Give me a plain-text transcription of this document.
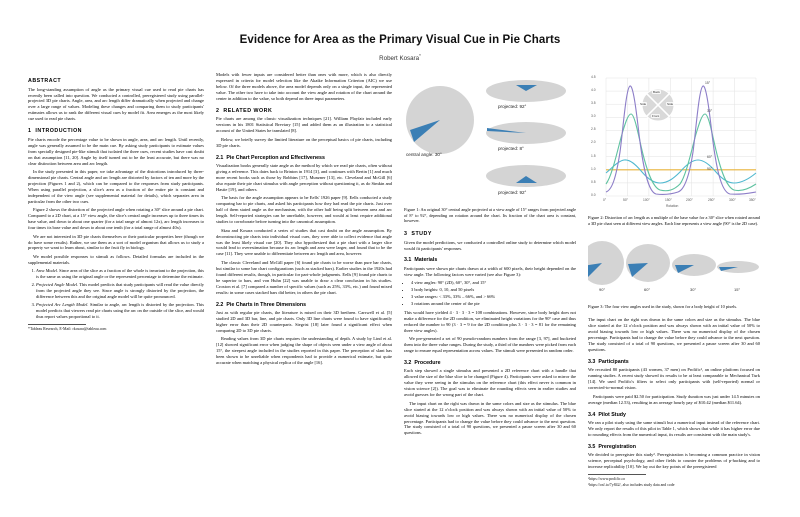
Evidence for Area as the Primary Visual Cue in Pie Charts
Robert Kosara*
ABSTRACT

The long-standing assumption of angle as the primary visual cue used to read pie charts has recently been called into question. We conducted a controlled, preregistered study using parallel-projected 3D pie charts. Angle, area, and arc length differ dramatically when projected and change over a large range of values. Modeling these changes and comparing them to study participants' estimates allows us to rank the different visual cues by model fit. Area emerges as the most likely cue used to read pie charts.

1 INTRODUCTION

Pie charts encode the percentage value to be shown in angle, area, and arc length. Until recently, angle was generally assumed to be the main cue. By asking study participants to estimate values from specially designed pie-like stimuli that isolated the three cues, recent studies have cast doubt on that assumption [11, 20]. Angle by itself turned out to be the least accurate, but there was no clear distinction between area and arc length.

In the study presented in this paper, we take advantage of the distortions introduced by three-dimensional pie charts. Central angle and arc length are distorted by factors of ten and more by the projection (Figures 1 and 2), which can be compared to the responses from study participants. When using parallel projection, a slice's area as a fraction of the entire pie is constant and independent of the view angle (see supplemental material for details), which separates area in particular from the other two cues.

Figure 2 shows the distortion of the projected angle when rotating a 30° slice around a pie chart. Compared to a 2D chart, at a 15° view angle, the slice's central angle increases up to three times its base value, and down to about one quarter (for a total range of almost 12x), arc length increases to four times its base value and down to about one tenth (for a total range of almost 40x).

We are not interested in 3D pie charts themselves or their particular properties here (though we do have some results). Rather, we use them as a sort of model organism that allows us to study a property we want to learn about, similar to the fruit fly in biology.

We model possible responses to stimuli as follows. Detailed formulas are included in the supplemental materials.

1. Area Model. Since area of the slice as a fraction of the whole is invariant to the projection, this is the same as using the original angle or the represented percentage to determine the estimate.
2. Projected Angle Model. This model predicts that study participants will read the value directly from the projected angle they see. Since angle is strongly distorted by the projection, the difference between this and the original angle model will be quite pronounced.
3. Projected Arc Length Model. Similar to angle, arc length is distorted by the projection. This model predicts that viewers read pie charts using the arc on the outside of the slice, and would thus report values proportional to it.

*Tableau Research, E-Mail: rkosara@tableau.com

Models with fewer inputs are considered better than ones with more, which is also directly expressed in criteria for model selection like the Akaike Information Criterion (AIC) we use below. Of the three models above, the area model depends only on a single input, the represented value. The other two have to take into account the view angle and rotation of the chart around the center in addition to the value, so both depend on three input parameters.

2 RELATED WORK

Pie charts are among the classic visualization techniques [21]. William Playfair included early versions in his 1801 Statistical Breviary [15] and added them as an illustration to a statistical account of the United States he translated [8].

Below, we briefly survey the limited literature on the perceptual basics of pie charts, including 3D pie charts.

2.1 Pie Chart Perception and Effectiveness

Visualization books generally state angle as the method by which we read pie charts, often without giving a reference. This dates back to Brinton in 1914 [3], and continues with Bertin [1] and much more recent books such as those by Robbins [17], Munzner [13], etc. Cleveland and McGill [6] also equate their pie chart stimulus with angle perception without questioning it, as do Simkin and Hastie [19], and others.

The basis for the angle assumption appears to be Eells' 1926 paper [9]. Eells conducted a study comparing bar to pie charts, and asked his participants how they had read the pie charts. Just over half of them stated angle as the mechanism, with the other half being split between area and arc length. Self-reported strategies can be unreliable, however, and would at least require additional studies to corroborate before turning into the canonical assumption.

Skau and Kosara conducted a series of studies that cast doubt on the angle assumption. By deconstructing pie charts into individual visual cues, they were able to collect evidence that angle was the least likely visual cue [20]. They also hypothesized that a pie chart with a larger slice would lead to overestimation because its arc length and area were larger, and found that to be the case [11]. They were unable to differentiate between arc length and area, however.

The classic Cleveland and McGill paper [6] found pie charts to be worse than pure bar charts, but similar to some bar chart configurations (such as stacked bars). Earlier studies in the 1920s had found different results, though, in particular for part-whole judgments. Eells [9] found pie charts to be superior to bars, and von Huhn [22] was unable to draw a clear conclusion in his studies. Croxton et al. [7] compared a number of specific values (such as 25%, 33%, etc.) and found mixed results: in some cases stacked bars did better, in others the pie chart.

2.2 Pie Charts in Three Dimensions

Just as with regular pie charts, the literature is mixed on their 3D brethren. Carswell et al. [5] studied 2D and 3D bar, line, and pie charts. Only 3D line charts were found to have significantly higher error than their 2D counterparts. Siegrist [18] later found a significant effect when comparing 2D to 3D pie charts.

Reading values from 3D pie charts requires the understanding of depth. A study by Lind et al. [12] showed significant error when judging the shape of objects seen under a view angle of about 15°, the steepest angle included in the studies reported in this paper. The perception of slant has been shown to be unreliable when respondents had to provide a numerical estimate, but quite accurate when matching a physical replica of the angle [16].

central angle: 30°
projected: 92°
projected: 8°
projected: 92°

Figure 1: An original 30° central angle projected at a view angle of 15° ranges from projected angle of 8° to 92°, depending on rotation around the chart. Its fraction of the chart area is constant, however.

3 STUDY

Given the model predictions, we conducted a controlled online study to determine which model would fit participants' responses.

3.1 Materials

Participants were shown pie charts drawn at a width of 600 pixels, their height depended on the view angle. The following factors were varied (see also Figure 3):

• 4 view angles: 90° (2D), 60°, 30°, and 15°
• 3 body heights: 0, 10, and 50 pixels
• 3 value ranges: < 33%, 33% – 66%, and > 66%
• 3 rotations around the center of the pie

This would have yielded 4 · 3 · 3 · 3 = 108 combinations. However, since body height does not make a difference for the 2D condition, we eliminated height variations for the 90° case and thus reduced the number to 90 (3 · 3 = 9 for the 2D condition plus 3 · 3 · 3 = 81 for the remaining three view angles).

We pre-generated a set of 90 pseudo-random numbers from the range [3, 97], and bucketed them into the three value ranges. During the study, a third of the numbers were picked from each range to ensure equal representation across values. The stimuli were presented in random order.

3.2 Procedure

Each step showed a single stimulus and presented a 2D reference chart with a handle that allowed the size of the blue slice to be changed (Figure 4). Participants were asked to mirror the value they were seeing in the stimulus on the reference chart (this effect never is common in vision science [2]). The goal was to eliminate the rounding effects seen in earlier studies and avoid guesses for the wrong part of the chart.

The input chart on the right was drawn in the same colors and size as the stimulus. The blue slice started at the 12 o'clock position and was always shown with an initial value of 50% to avoid biasing towards low or high values. There was no numerical display of the chosen percentage. Participants had to change the value before they could advance to the next question. The study consisted of a total of 90 questions, we presented a pause screen after 30 and 60 questions.

4.5
4.0
3.5
3.0
2.5
2.0
1.5
1.0
0.5
0.0
0°	50°	100°	150°	200°	250°	300°	350°
Rotation
Back
Side	Side
Front
15°
30°
60°
90°

Figure 2: Distortion of arc length as a multiple of the base value for a 30° slice when rotated around a 3D pie chart seen at different view angles. Each line represents a view angle (90° is the 2D case).

90°	60°	30°	15°

Figure 3: The four view angles used in the study, shown for a body height of 10 pixels.

The input chart on the right was drawn in the same colors and size as the stimulus. The blue slice started at the 12 o'clock position and was always shown with an initial value of 50% to avoid biasing towards low or high values. There was no numerical display of the chosen percentage. Participants had to change the value before they could advance to the next question. The study consisted of a total of 90 questions, we presented a pause screen after 30 and 60 questions.

3.3 Participants

We recruited 80 participants (43 women, 37 men) on Prolific¹, an online platform focused on running studies. A recent study showed its results to be at least comparable to Mechanical Turk [14]. We used Prolific's filters to select only participants with (self-reported) normal or corrected-to-normal vision.

Participants were paid $2.50 for participation. Study duration was just under 14.5 minutes on average (median 12.53), resulting in an average hourly pay of $10.42 (median $11.64).

3.4 Pilot Study

We ran a pilot study using the same stimuli but a numerical input instead of the reference chart. We only report the results of this pilot in Table 1, which shows that while it has higher error due to rounding effects from the numerical input, its results are consistent with the main study's.

3.5 Preregistration

We decided to preregister this study². Preregistration is becoming a common practice in vision science, perceptual psychology, and other fields to counter the problems of p-hacking and to increase replicability [10]. We lay out the key points of the preregistered

¹https://www.prolific.co

²https://osf.io/7y842/, also includes study data and code
